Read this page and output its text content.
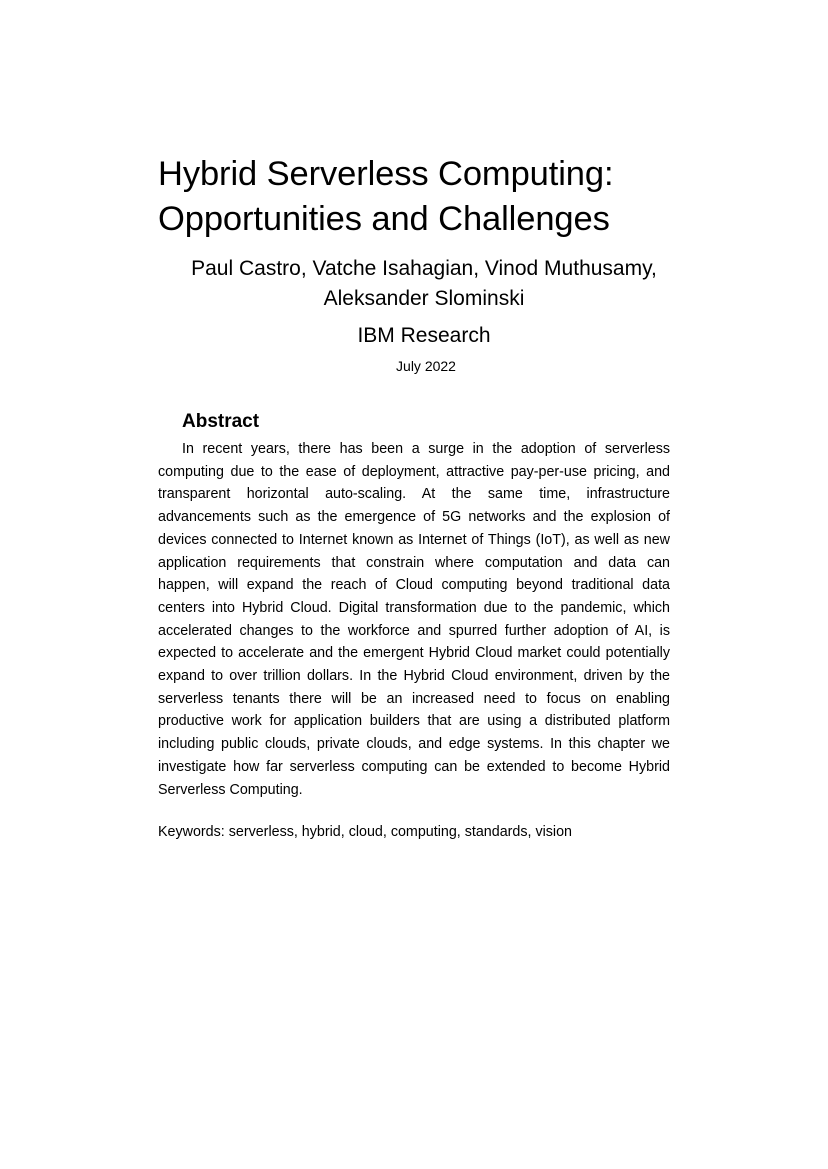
Hybrid Serverless Computing: Opportunities and Challenges

Paul Castro, Vatche Isahagian, Vinod Muthusamy, Aleksander Slominski

IBM Research

July 2022

Abstract

In recent years, there has been a surge in the adoption of serverless computing due to the ease of deployment, attractive pay-per-use pricing, and transparent horizontal auto-scaling. At the same time, infrastructure advancements such as the emergence of 5G networks and the explosion of devices connected to Internet known as Internet of Things (IoT), as well as new application requirements that constrain where computation and data can happen, will expand the reach of Cloud computing beyond traditional data centers into Hybrid Cloud. Digital transformation due to the pandemic, which accelerated changes to the workforce and spurred further adoption of AI, is expected to accelerate and the emergent Hybrid Cloud market could potentially expand to over trillion dollars. In the Hybrid Cloud environment, driven by the serverless tenants there will be an increased need to focus on enabling productive work for application builders that are using a distributed platform including public clouds, private clouds, and edge systems. In this chapter we investigate how far serverless computing can be extended to become Hybrid Serverless Computing.

Keywords: serverless, hybrid, cloud, computing, standards, vision
